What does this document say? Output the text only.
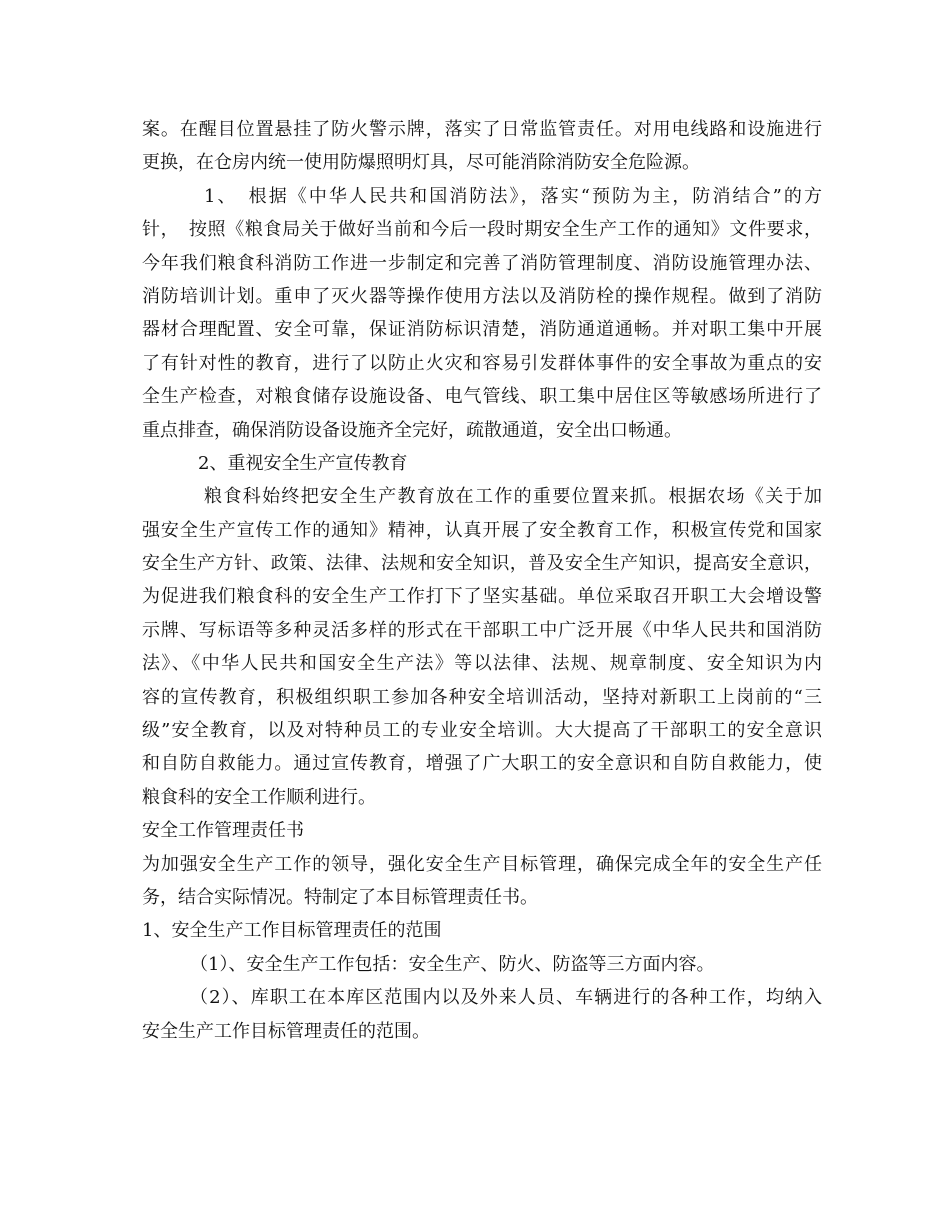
案。在醒目位置悬挂了防火警示牌，落实了日常监管责任。对用电线路和设施进行
更换，在仓房内统一使用防爆照明灯具，尽可能消除消防安全危险源。
1、　根据《中华人民共和国消防法》，落实“预防为主，防消结合”的方
针，　按照《粮食局关于做好当前和今后一段时期安全生产工作的通知》文件要求，
今年我们粮食科消防工作进一步制定和完善了消防管理制度、消防设施管理办法、
消防培训计划。重申了灭火器等操作使用方法以及消防栓的操作规程。做到了消防
器材合理配置、安全可靠，保证消防标识清楚，消防通道通畅。并对职工集中开展
了有针对性的教育，进行了以防止火灾和容易引发群体事件的安全事故为重点的安
全生产检查，对粮食储存设施设备、电气管线、职工集中居住区等敏感场所进行了
重点排查，确保消防设备设施齐全完好，疏散通道，安全出口畅通。
2、重视安全生产宣传教育
粮食科始终把安全生产教育放在工作的重要位置来抓。根据农场《关于加
强安全生产宣传工作的通知》精神，认真开展了安全教育工作，积极宣传党和国家
安全生产方针、政策、法律、法规和安全知识，普及安全生产知识，提高安全意识，
为促进我们粮食科的安全生产工作打下了坚实基础。单位采取召开职工大会增设警
示牌、写标语等多种灵活多样的形式在干部职工中广泛开展《中华人民共和国消防
法》、《中华人民共和国安全生产法》等以法律、法规、规章制度、安全知识为内
容的宣传教育，积极组织职工参加各种安全培训活动，坚持对新职工上岗前的“三
级”安全教育，以及对特种员工的专业安全培训。大大提高了干部职工的安全意识
和自防自救能力。通过宣传教育，增强了广大职工的安全意识和自防自救能力，使
粮食科的安全工作顺利进行。
安全工作管理责任书
为加强安全生产工作的领导，强化安全生产目标管理，确保完成全年的安全生产任
务，结合实际情况。特制定了本目标管理责任书。
1、安全生产工作目标管理责任的范围
（1）、安全生产工作包括：安全生产、防火、防盗等三方面内容。
（2）、库职工在本库区范围内以及外来人员、车辆进行的各种工作，均纳入
安全生产工作目标管理责任的范围。
